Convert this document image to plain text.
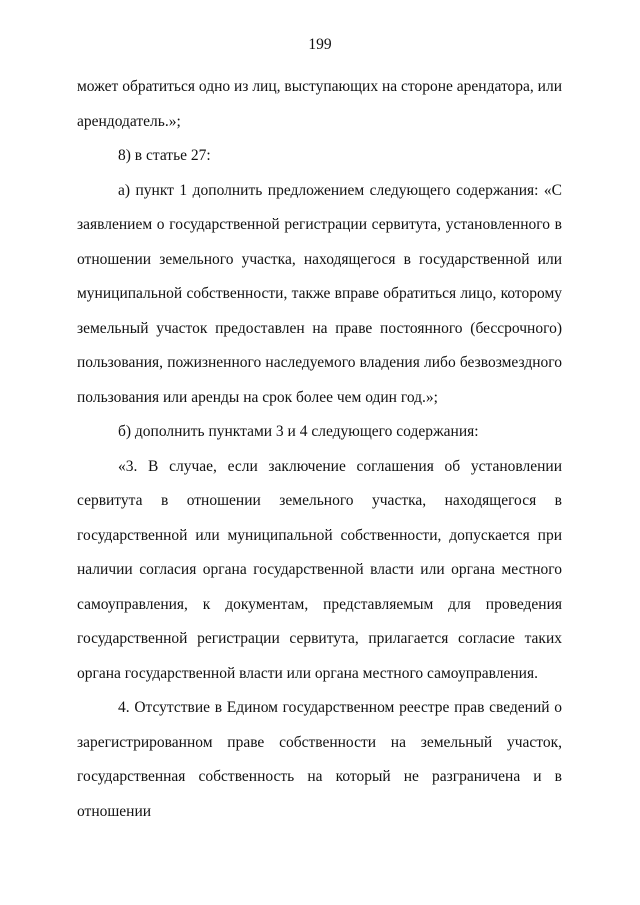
199

может обратиться одно из лиц, выступающих на стороне арендатора, или арендодатель.»;

8) в статье 27:

а) пункт 1 дополнить предложением следующего содержания: «С заявлением о государственной регистрации сервитута, установленного в отношении земельного участка, находящегося в государственной или муниципальной собственности, также вправе обратиться лицо, которому земельный участок предоставлен на праве постоянного (бессрочного) пользования, пожизненного наследуемого владения либо безвозмездного пользования или аренды на срок более чем один год.»;

б) дополнить пунктами 3 и 4 следующего содержания:

«3. В случае, если заключение соглашения об установлении сервитута в отношении земельного участка, находящегося в государственной или муниципальной собственности, допускается при наличии согласия органа государственной власти или органа местного самоуправления, к документам, представляемым для проведения государственной регистрации сервитута, прилагается согласие таких органа государственной власти или органа местного самоуправления.

4. Отсутствие в Едином государственном реестре прав сведений о зарегистрированном праве собственности на земельный участок, государственная собственность на который не разграничена и в отношении
